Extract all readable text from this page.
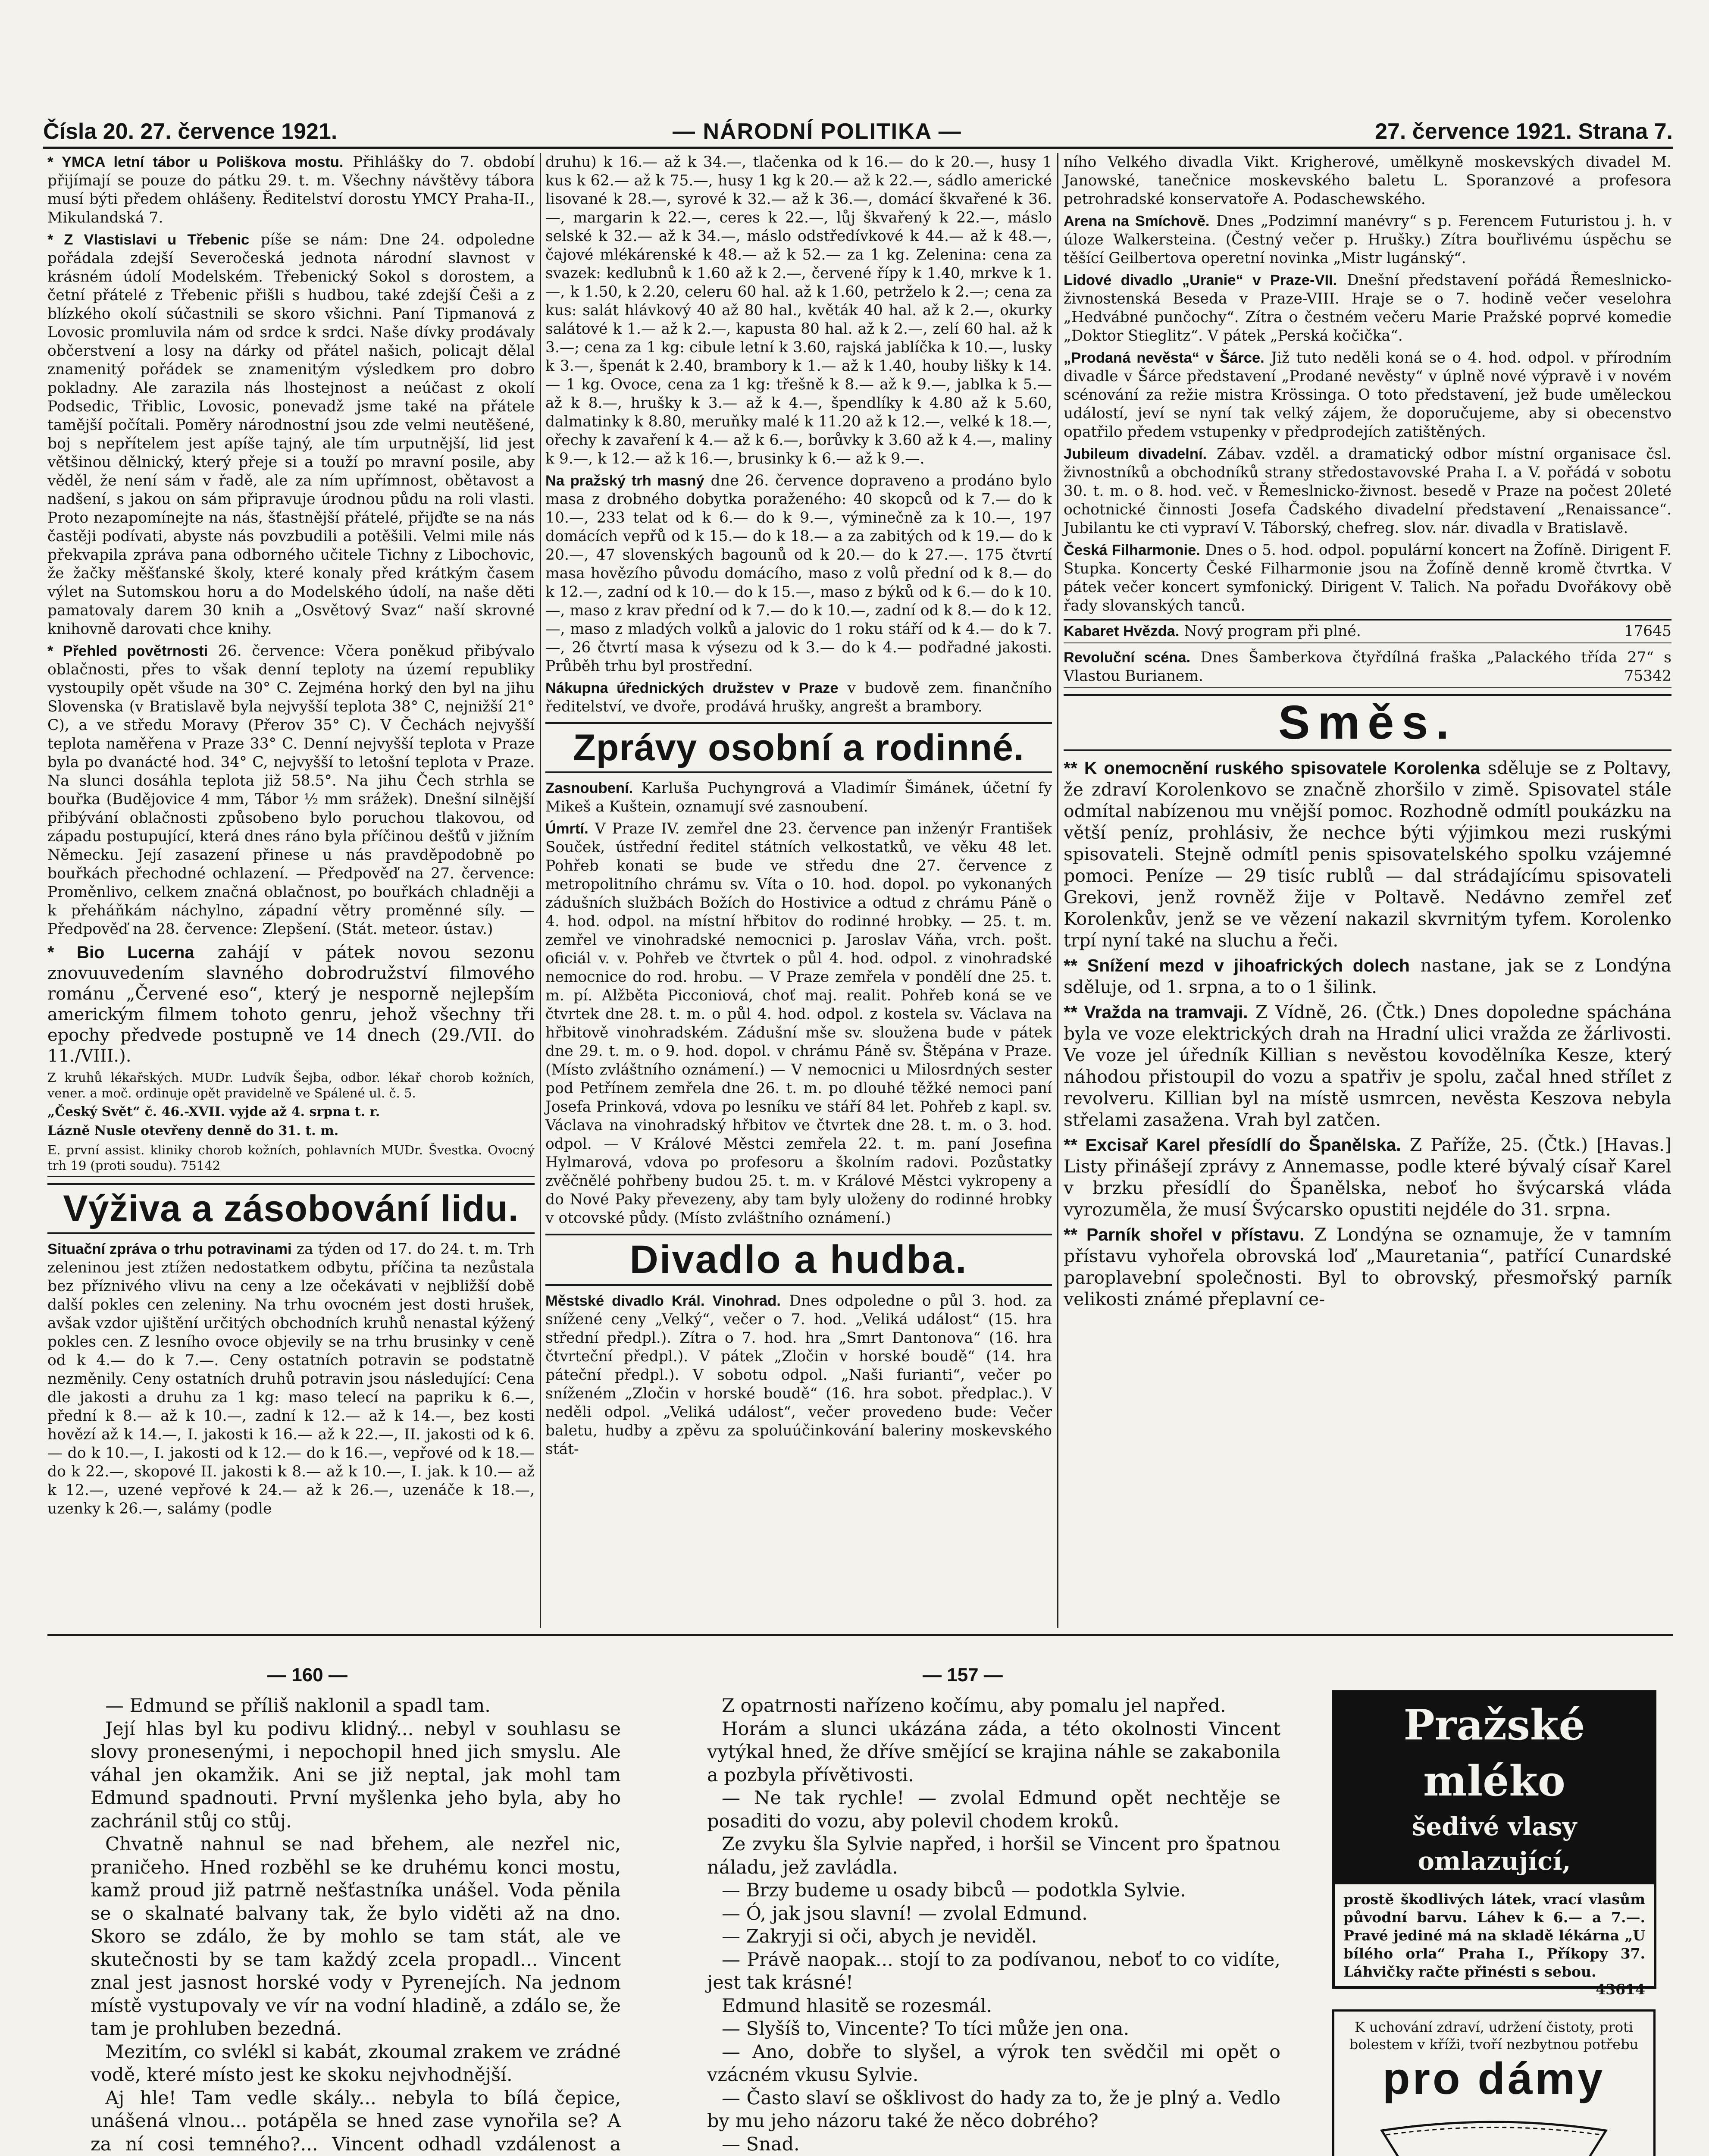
Čísla 20. 27. července 1921.	— NÁRODNÍ POLITIKA —	27. července 1921. Strana 7.

* YMCA letní tábor u Poliškova mostu. Přihlášky do 7. období přijímají se pouze do pátku 29. t. m. Všechny návštěvy tábora musí býti předem ohlášeny. Ředitelství dorostu YMCY Praha-II., Mikulandská 7.

* Z Vlastislavi u Třebenic píše se nám: Dne 24. odpoledne pořádala zdejší Severočeská jednota národní slavnost v krásném údolí Modelském. Třebenický Sokol s dorostem, a četní přátelé z Třebenic přišli s hudbou, také zdejší Češi a z blízkého okolí súčastnili se skoro všichni. Paní Tipmanová z Lovosic promluvila nám od srdce k srdci. Naše dívky prodávaly občerstvení a losy na dárky od přátel našich, policajt dělal znamenitý pořádek se znamenitým výsledkem pro dobro pokladny. Ale zarazila nás lhostejnost a neúčast z okolí Podsedic, Třiblic, Lovosic, ponevadž jsme také na přátele tamější počítali. Poměry národnostní jsou zde velmi neutěšené, boj s nepřítelem jest apíše tajný, ale tím urputnější, lid jest většinou dělnický, který přeje si a touží po mravní posile, aby věděl, že není sám v řadě, ale za ním upřímnost, obětavost a nadšení, s jakou on sám připravuje úrodnou půdu na roli vlasti. Proto nezapomínejte na nás, šťastnější přátelé, přijďte se na nás častěji podívati, abyste nás povzbudili a potěšili. Velmi mile nás překvapila zpráva pana odborného učitele Tichny z Libochovic, že žačky měšťanské školy, které konaly před krátkým časem výlet na Sutomskou horu a do Modelského údolí, na naše děti pamatovaly darem 30 knih a „Osvětový Svaz“ naší skrovné knihovně darovati chce knihy.

* Přehled povětrnosti 26. července: Včera poněkud přibývalo oblačnosti, přes to však denní teploty na území republiky vystoupily opět všude na 30° C. Zejména horký den byl na jihu Slovenska (v Bratislavě byla nejvyšší teplota 38° C, nejnižší 21° C), a ve středu Moravy (Přerov 35° C). V Čechách nejvyšší teplota naměřena v Praze 33° C. Denní nejvyšší teplota v Praze byla po dvanácté hod. 34° C, nejvyšší to letošní teplota v Praze. Na slunci dosáhla teplota již 58.5°. Na jihu Čech strhla se bouřka (Budějovice 4 mm, Tábor ½ mm srážek). Dnešní silnější přibývání oblačnosti způsobeno bylo poruchou tlakovou, od západu postupující, která dnes ráno byla příčinou dešťů v jižním Německu. Její zasazení přinese u nás pravděpodobně po bouřkách přechodné ochlazení. — Předpověď na 27. července: Proměnlivo, celkem značná oblačnost, po bouřkách chladněji a k přeháňkám náchylno, západní větry proměnné síly. — Předpověď na 28. července: Zlepšení. (Stát. meteor. ústav.)

* Bio Lucerna zahájí v pátek novou sezonu znovuuvedením slavného dobrodružství filmového románu „Červené eso“, který je nesporně nejlepším americkým filmem tohoto genru, jehož všechny tři epochy předvede postupně ve 14 dnech (29./VII. do 11./VIII.).

Z kruhů lékařských. MUDr. Ludvík Šejba, odbor. lékař chorob kožních, vener. a moč. ordinuje opět pravidelně ve Spálené ul. č. 5.

„Český Svět“ č. 46.-XVII. vyjde až 4. srpna t. r.

Lázně Nusle otevřeny denně do 31. t. m.

E. první assist. kliniky chorob kožních, pohlavních MUDr. Švestka. Ovocný trh 19 (proti soudu). 75142

Výživa a zásobování lidu.

Situační zpráva o trhu potravinami za týden od 17. do 24. t. m. Trh zeleninou jest ztížen nedostatkem odbytu, příčina ta nezůstala bez příznivého vlivu na ceny a lze očekávati v nejbližší době další pokles cen zeleniny. Na trhu ovocném jest dosti hrušek, avšak vzdor ujištění určitých obchodních kruhů nenastal kýžený pokles cen. Z lesního ovoce objevily se na trhu brusinky v ceně od k 4.— do k 7.—. Ceny ostatních potravin se podstatně nezměnily. Ceny ostatních druhů potravin jsou následující: Cena dle jakosti a druhu za 1 kg: maso telecí na papriku k 6.—, přední k 8.— až k 10.—, zadní k 12.— až k 14.—, bez kosti hovězí až k 14.—, I. jakosti k 16.— až k 22.—, II. jakosti od k 6.— do k 10.—, I. jakosti od k 12.— do k 16.—, vepřové od k 18.— do k 22.—, skopové II. jakosti k 8.— až k 10.—, I. jak. k 10.— až k 12.—, uzené vepřové k 24.— až k 26.—, uzenáče k 18.—, uzenky k 26.—, salámy (podle

druhu) k 16.— až k 34.—, tlačenka od k 16.— do k 20.—, husy 1 kus k 62.— až k 75.—, husy 1 kg k 20.— až k 22.—, sádlo americké lisované k 28.—, syrové k 32.— až k 36.—, domácí škvařené k 36.—, margarin k 22.—, ceres k 22.—, lůj škvařený k 22.—, máslo selské k 32.— až k 34.—, máslo odstředívkové k 44.— až k 48.—, čajové mlékárenské k 48.— až k 52.— za 1 kg. Zelenina: cena za svazek: kedlubnů k 1.60 až k 2.—, červené řípy k 1.40, mrkve k 1.—, k 1.50, k 2.20, celeru 60 hal. až k 1.60, petrželo k 2.—; cena za kus: salát hlávkový 40 až 80 hal., květák 40 hal. až k 2.—, okurky salátové k 1.— až k 2.—, kapusta 80 hal. až k 2.—, zelí 60 hal. až k 3.—; cena za 1 kg: cibule letní k 3.60, rajská jablíčka k 10.—, lusky k 3.—, špenát k 2.40, brambory k 1.— až k 1.40, houby lišky k 14.— 1 kg. Ovoce, cena za 1 kg: třešně k 8.— až k 9.—, jablka k 5.— až k 8.—, hrušky k 3.— až k 4.—, špendlíky k 4.80 až k 5.60, dalmatinky k 8.80, meruňky malé k 11.20 až k 12.—, velké k 18.—, ořechy k zavaření k 4.— až k 6.—, borůvky k 3.60 až k 4.—, maliny k 9.—, k 12.— až k 16.—, brusinky k 6.— až k 9.—.

Na pražský trh masný dne 26. července dopraveno a prodáno bylo masa z drobného dobytka poraženého: 40 skopců od k 7.— do k 10.—, 233 telat od k 6.— do k 9.—, výminečně za k 10.—, 197 domácích vepřů od k 15.— do k 18.— a za zabitých od k 19.— do k 20.—, 47 slovenských bagounů od k 20.— do k 27.—. 175 čtvrtí masa hovězího původu domácího, maso z volů přední od k 8.— do k 12.—, zadní od k 10.— do k 15.—, maso z býků od k 6.— do k 10.—, maso z krav přední od k 7.— do k 10.—, zadní od k 8.— do k 12.—, maso z mladých volků a jalovic do 1 roku stáří od k 4.— do k 7.—, 26 čtvrtí masa k výsezu od k 3.— do k 4.— podřadné jakosti. Průběh trhu byl prostřední.

Nákupna úřednických družstev v Praze v budově zem. finančního ředitelství, ve dvoře, prodává hrušky, angrešt a brambory.

Zprávy osobní a rodinné.

Zasnoubení. Karluša Puchyngrová a Vladimír Šimánek, účetní fy Mikeš a Kuštein, oznamují své zasnoubení.

Úmrtí. V Praze IV. zemřel dne 23. července pan inženýr František Souček, ústřední ředitel státních velkostatků, ve věku 48 let. Pohřeb konati se bude ve středu dne 27. července z metropolitního chrámu sv. Víta o 10. hod. dopol. po vykonaných zádušních službách Božích do Hostivice a odtud z chrámu Páně o 4. hod. odpol. na místní hřbitov do rodinné hrobky. — 25. t. m. zemřel ve vinohradské nemocnici p. Jaroslav Váňa, vrch. pošt. oficiál v. v. Pohřeb ve čtvrtek o půl 4. hod. odpol. z vinohradské nemocnice do rod. hrobu. — V Praze zemřela v pondělí dne 25. t. m. pí. Alžběta Picconiová, choť maj. realit. Pohřeb koná se ve čtvrtek dne 28. t. m. o půl 4. hod. odpol. z kostela sv. Václava na hřbitově vinohradském. Zádušní mše sv. sloužena bude v pátek dne 29. t. m. o 9. hod. dopol. v chrámu Páně sv. Štěpána v Praze. (Místo zvláštního oznámení.) — V nemocnici u Milosrdných sester pod Petřínem zemřela dne 26. t. m. po dlouhé těžké nemoci paní Josefa Prinková, vdova po lesníku ve stáří 84 let. Pohřeb z kapl. sv. Václava na vinohradský hřbitov ve čtvrtek dne 28. t. m. o 3. hod. odpol. — V Králové Městci zemřela 22. t. m. paní Josefina Hylmarová, vdova po profesoru a školním radovi. Pozůstatky zvěčnělé pohřbeny budou 25. t. m. v Králové Městci vykropeny a do Nové Paky převezeny, aby tam byly uloženy do rodinné hrobky v otcovské půdy. (Místo zvláštního oznámení.)

Divadlo a hudba.

Městské divadlo Král. Vinohrad. Dnes odpoledne o půl 3. hod. za snížené ceny „Velký“, večer o 7. hod. „Veliká událost“ (15. hra střední předpl.). Zítra o 7. hod. hra „Smrt Dantonova“ (16. hra čtvrteční předpl.). V pátek „Zločin v horské boudě“ (14. hra páteční předpl.). V sobotu odpol. „Naši furianti“, večer po sníženém „Zločin v horské boudě“ (16. hra sobot. předplac.). V neděli odpol. „Veliká událost“, večer provedeno bude: Večer baletu, hudby a zpěvu za spoluúčinkování baleriny moskevského stát-

ního Velkého divadla Vikt. Krigherové, umělkyně moskevských divadel M. Janowské, tanečnice moskevského baletu L. Sporanzové a profesora petrohradské konservatoře A. Podaschewského.

Arena na Smíchově. Dnes „Podzimní manévry“ s p. Ferencem Futuristou j. h. v úloze Walkersteina. (Čestný večer p. Hrušky.) Zítra bouřlivému úspěchu se těšící Geilbertova operetní novinka „Mistr lugánský“.

Lidové divadlo „Uranie“ v Praze-VII. Dnešní představení pořádá Řemeslnicko-živnostenská Beseda v Praze-VIII. Hraje se o 7. hodině večer veselohra „Hedvábné punčochy“. Zítra o čestném večeru Marie Pražské poprvé komedie „Doktor Stieglitz“. V pátek „Perská kočička“.

„Prodaná nevěsta“ v Šárce. Již tuto neděli koná se o 4. hod. odpol. v přírodním divadle v Šárce představení „Prodané nevěsty“ v úplně nové výpravě i v novém scénování za režie mistra Krössinga. O toto představení, jež bude uměleckou událostí, jeví se nyní tak velký zájem, že doporučujeme, aby si obecenstvo opatřilo předem vstupenky v předprodejích zatištěných.

Jubileum divadelní. Zábav. vzděl. a dramatický odbor místní organisace čsl. živnostníků a obchodníků strany středostavovské Praha I. a V. pořádá v sobotu 30. t. m. o 8. hod. več. v Řemeslnicko-živnost. besedě v Praze na počest 20leté ochotnické činnosti Josefa Čadského divadelní představení „Renaissance“. Jubilantu ke cti vypraví V. Táborský, chefreg. slov. nár. divadla v Bratislavě.

Česká Filharmonie. Dnes o 5. hod. odpol. populární koncert na Žofíně. Dirigent F. Stupka. Koncerty České Filharmonie jsou na Žofíně denně kromě čtvrtka. V pátek večer koncert symfonický. Dirigent V. Talich. Na pořadu Dvořákovy obě řady slovanských tanců.

Kabaret Hvězda. Nový program při plné.	17645

Revoluční scéna. Dnes Šamberkova čtyřdílná fraška „Palackého třída 27“ s Vlastou Burianem.	75342

Směs.

** K onemocnění ruského spisovatele Korolenka sděluje se z Poltavy, že zdraví Korolenkovo se značně zhoršilo v zimě. Spisovatel stále odmítal nabízenou mu vnější pomoc. Rozhodně odmítl poukázku na větší peníz, prohlásiv, že nechce býti výjimkou mezi ruskými spisovateli. Stejně odmítl penis spisovatelského spolku vzájemné pomoci. Peníze — 29 tisíc rublů — dal strádajícímu spisovateli Grekovi, jenž rovněž žije v Poltavě. Nedávno zemřel zeť Korolenkův, jenž se ve vězení nakazil skvrnitým tyfem. Korolenko trpí nyní také na sluchu a řeči.

** Snížení mezd v jihoafrických dolech nastane, jak se z Londýna sděluje, od 1. srpna, a to o 1 šilink.

** Vražda na tramvaji. Z Vídně, 26. (Čtk.) Dnes dopoledne spáchána byla ve voze elektrických drah na Hradní ulici vražda ze žárlivosti. Ve voze jel úředník Killian s nevěstou kovodělníka Kesze, který náhodou přistoupil do vozu a spatřiv je spolu, začal hned střílet z revolveru. Killian byl na místě usmrcen, nevěsta Keszova nebyla střelami zasažena. Vrah byl zatčen.

** Excisař Karel přesídlí do Španělska. Z Paříže, 25. (Čtk.) [Havas.] Listy přinášejí zprávy z Annemasse, podle které bývalý císař Karel v brzku přesídlí do Španělska, neboť ho švýcarská vláda vyrozuměla, že musí Švýcarsko opustiti nejdéle do 31. srpna.

** Parník shořel v přístavu. Z Londýna se oznamuje, že v tamním přístavu vyhořela obrovská loď „Mauretania“, patřící Cunardské paroplavební společnosti. Byl to obrovský, přesmořský parník velikosti známé přeplavní ce-

— 160 —	— 157 —

— Edmund se příliš naklonil a spadl tam.

Její hlas byl ku podivu klidný... nebyl v souhlasu se slovy pronesenými, i nepochopil hned jich smyslu. Ale váhal jen okamžik. Ani se již neptal, jak mohl tam Edmund spadnouti. První myšlenka jeho byla, aby ho zachránil stůj co stůj.

Chvatně nahnul se nad břehem, ale nezřel nic, praničeho. Hned rozběhl se ke druhému konci mostu, kamž proud již patrně nešťastníka unášel. Voda pěnila se o skalnaté balvany tak, že bylo viděti až na dno. Skoro se zdálo, že by mohlo se tam stát, ale ve skutečnosti by se tam každý zcela propadl... Vincent znal jest jasnost horské vody v Pyrenejích. Na jednom místě vystupovaly ve vír na vodní hladině, a zdálo se, že tam je prohluben bezedná.

Mezitím, co svlékl si kabát, zkoumal zrakem ve zrádné vodě, které místo jest ke skoku nejvhodnější.

Aj hle! Tam vedle skály... nebyla to bílá čepice, unášená vlnou... potápěla se hned zase vynořila se? A za ní cosi temného?... Vincent odhadl vzdálenost a

Z opatrnosti nařízeno kočímu, aby pomalu jel napřed.

Horám a slunci ukázána záda, a této okolnosti Vincent vytýkal hned, že dříve smějící se krajina náhle se zakabonila a pozbyla přívětivosti.

— Ne tak rychle! — zvolal Edmund opět nechtěje se posaditi do vozu, aby polevil chodem kroků.

Ze zvyku šla Sylvie napřed, i horšil se Vincent pro špatnou náladu, jež zavládla.

— Brzy budeme u osady bibců — podotkla Sylvie.

— Ó, jak jsou slavní! — zvolal Edmund.

— Zakryji si oči, abych je neviděl.

— Právě naopak... stojí to za podívanou, neboť to co vidíte, jest tak krásné!

Edmund hlasitě se rozesmál.

— Slyšíš to, Vincente? To tíci může jen ona.

— Ano, dobře to slyšel, a výrok ten svědčil mi opět o vzácném vkusu Sylvie.

— Často slaví se ošklivost do hady za to, že je plný a. Vedlo by mu jeho názoru také že něco dobrého?

— Snad.

Pražské mléko
šedivé vlasy omlazující,
prostě škodlivých látek, vrací vlasům původní barvu. Láhev k 6.— a 7.—. Pravé jediné má na skladě lékárna „U bílého orla“ Praha I., Příkopy 37. Láhvičky račte přinésti s sebou.
43614
K uchování zdraví, udržení čistoty, proti bolestem v kříži, tvoří nezbytnou potřebu
pro dámy
